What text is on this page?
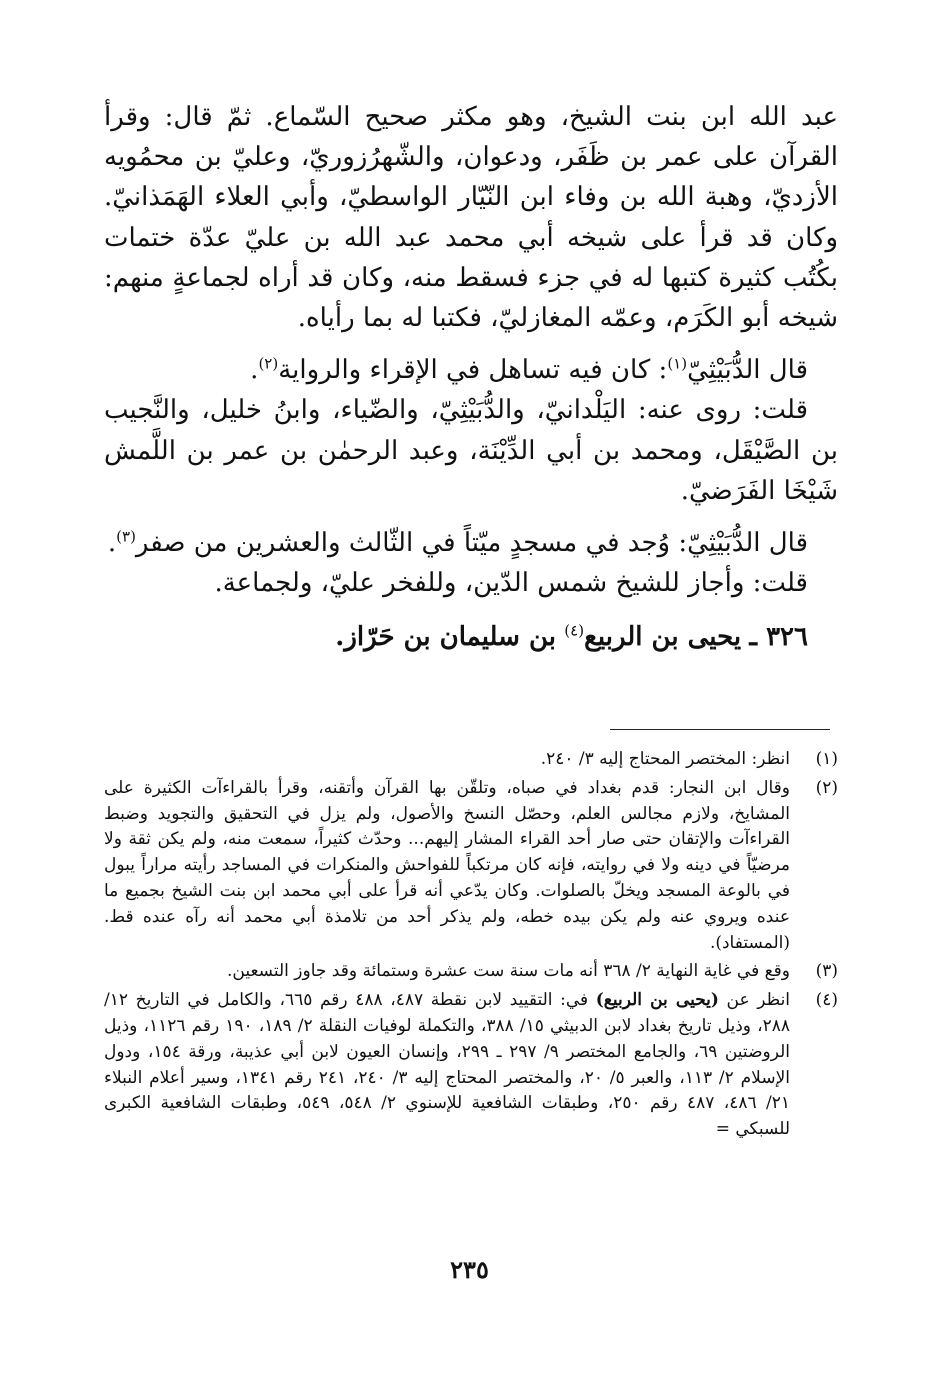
عبد الله ابن بنت الشيخ، وهو مكثر صحيح السّماع. ثمّ قال: وقرأ القرآن على عمر بن ظَفَر، ودعوان، والشّهرُزوريّ، وعليّ بن محمُويه الأزديّ، وهبة الله بن وفاء ابن النّيّار الواسطيّ، وأبي العلاء الهَمَذانيّ. وكان قد قرأ على شيخه أبي محمد عبد الله بن عليّ عدّة ختمات بكُتُب كثيرة كتبها له في جزء فسقط منه، وكان قد أراه لجماعةٍ منهم: شيخه أبو الكَرَم، وعمّه المغازليّ، فكتبا له بما رأياه.

قال الدُّبَيْثِيّ$^{(١)}$: كان فيه تساهل في الإقراء والرواية$^{(٢)}$.

قلت: روى عنه: اليَلْدانيّ، والدُّبَيْثِيّ، والضّياء، وابنُ خليل، والنَّجيب بن الصَّيْقَل، ومحمد بن أبي الدِّيْنَة، وعبد الرحمٰن بن عمر بن اللَّمش شَيْخَا الفَرَضيّ.

قال الدُّبَيْثِيّ: وُجد في مسجدٍ ميّتاً في الثّالث والعشرين من صفر$^{(٣)}$.

قلت: وأجاز للشيخ شمس الدّين، وللفخر عليّ، ولجماعة.

٣٢٦ ـ يحيى بن الربيع$^{(٤)}$ بن سليمان بن حَرّاز.

(١)
انظر: المختصر المحتاج إليه ٣/ ٢٤٠.
(٢)
وقال ابن النجار: قدم بغداد في صباه، وتلقّن بها القرآن وأتقنه، وقرأ بالقراءآت الكثيرة على المشايخ، ولازم مجالس العلم، وحصّل النسخ والأصول، ولم يزل في التحقيق والتجويد وضبط القراءآت والإتقان حتى صار أحد القراء المشار إليهم... وحدّث كثيراً، سمعت منه، ولم يكن ثقة ولا مرضيّاً في دينه ولا في روايته، فإنه كان مرتكباً للفواحش والمنكرات في المساجد رأيته مراراً يبول في بالوعة المسجد ويخلّ بالصلوات. وكان يدّعي أنه قرأ على أبي محمد ابن بنت الشيخ بجميع ما عنده ويروي عنه ولم يكن بيده خطه، ولم يذكر أحد من تلامذة أبي محمد أنه رآه عنده قط. (المستفاد).
(٣)
وقع في غاية النهاية ٢/ ٣٦٨ أنه مات سنة ست عشرة وستمائة وقد جاوز التسعين.
(٤)
انظر عن (يحيى بن الربيع) في: التقييد لابن نقطة ٤٨٧، ٤٨٨ رقم ٦٦٥، والكامل في التاريخ ١٢/ ٢٨٨، وذيل تاريخ بغداد لابن الدبيثي ١٥/ ٣٨٨، والتكملة لوفيات النقلة ٢/ ١٨٩، ١٩٠ رقم ١١٢٦، وذيل الروضتين ٦٩، والجامع المختصر ٩/ ٢٩٧ ـ ٢٩٩، وإنسان العيون لابن أبي عذيبة، ورقة ١٥٤، ودول الإسلام ٢/ ١١٣، والعبر ٥/ ٢٠، والمختصر المحتاج إليه ٣/ ٢٤٠، ٢٤١ رقم ١٣٤١، وسير أعلام النبلاء ٢١/ ٤٨٦، ٤٨٧ رقم ٢٥٠، وطبقات الشافعية للإسنوي ٢/ ٥٤٨، ٥٤٩، وطبقات الشافعية الكبرى للسبكي =
٢٣٥
